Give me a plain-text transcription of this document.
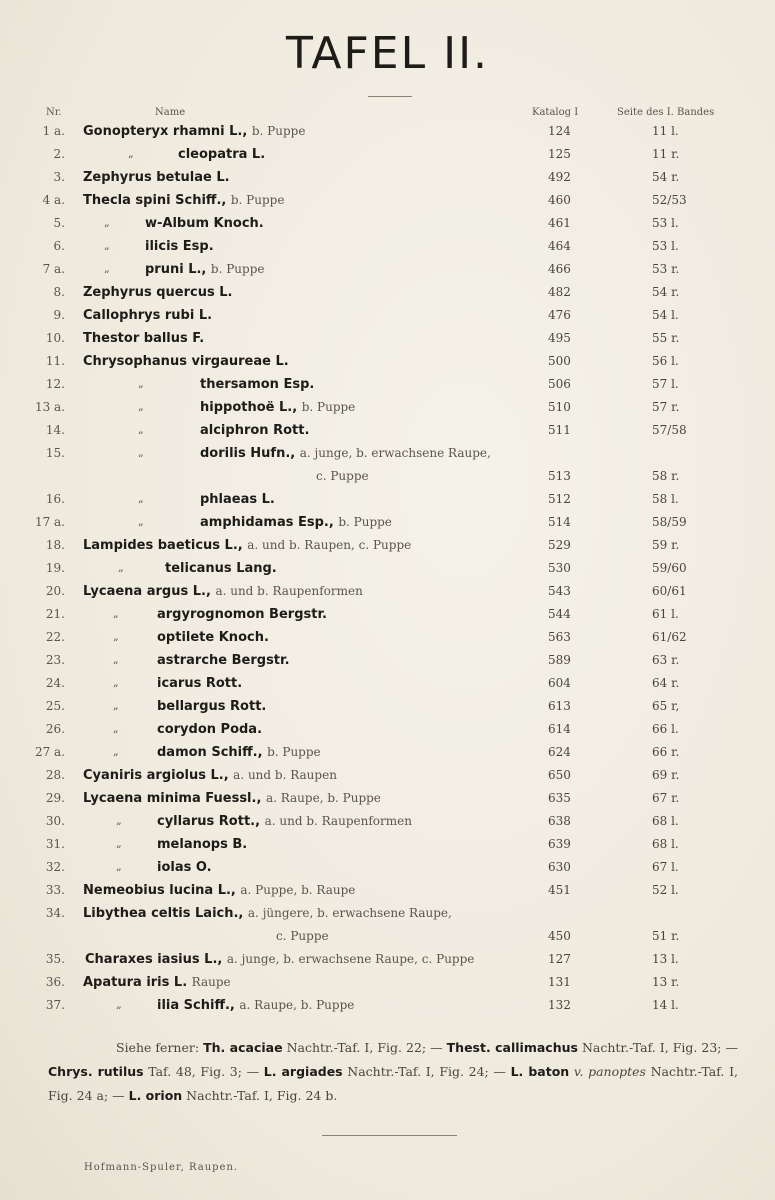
TAFEL II.
Nr.	Name	Katalog I	Seite des I. Bandes
1 a. Gonopteryx rhamni L., b. Puppe	124	11 l.
2.	„	cleopatra L.	125	11 r.
3. Zephyrus betulae L.	492	54 r.
4 a. Thecla spini Schiff., b. Puppe	460	52/53
5.	„	w-Album Knoch.	461	53 l.
6.	„	ilicis Esp.	464	53 l.
7 a.	„	pruni L., b. Puppe	466	53 r.
8. Zephyrus quercus L.	482	54 r.
9. Callophrys rubi L.	476	54 l.
10. Thestor ballus F.	495	55 r.
11. Chrysophanus virgaureae L.	500	56 l.
12.	„	thersamon Esp.	506	57 l.
13 a.	„	hippothoë L., b. Puppe	510	57 r.
14.	„	alciphron Rott.	511	57/58
15.	„	dorilis Hufn., a. junge, b. erwachsene Raupe,
c. Puppe	513	58 r.
16.	„	phlaeas L.	512	58 l.
17 a.	„	amphidamas Esp., b. Puppe	514	58/59
18. Lampides baeticus L., a. und b. Raupen, c. Puppe	529	59 r.
19.	„	telicanus Lang.	530	59/60
20. Lycaena argus L., a. und b. Raupenformen	543	60/61
21.	„	argyrognomon Bergstr.	544	61 l.
22.	„	optilete Knoch.	563	61/62
23.	„	astrarche Bergstr.	589	63 r.
24.	„	icarus Rott.	604	64 r.
25.	„	bellargus Rott.	613	65 r,
26.	„	corydon Poda.	614	66 l.
27 a.	„	damon Schiff., b. Puppe	624	66 r.
28. Cyaniris argiolus L., a. und b. Raupen	650	69 r.
29. Lycaena minima Fuessl., a. Raupe, b. Puppe	635	67 r.
30.	„	cyllarus Rott., a. und b. Raupenformen	638	68 l.
31.	„	melanops B.	639	68 l.
32.	„	iolas O.	630	67 l.
33. Nemeobius lucina L., a. Puppe, b. Raupe	451	52 l.
34. Libythea celtis Laich., a. jüngere, b. erwachsene Raupe,
c. Puppe	450	51 r.
35. Charaxes iasius L., a. junge, b. erwachsene Raupe, c. Puppe	127	13 l.
36. Apatura iris L. Raupe	131	13 r.
37.	„	ilia Schiff., a. Raupe, b. Puppe	132	14 l.
Siehe ferner: Th. acaciae Nachtr.-Taf. I, Fig. 22; — Thest. callimachus Nachtr.-Taf. I, Fig. 23; — Chrys. rutilus Taf. 48, Fig. 3; — L. argiades Nachtr.-Taf. I, Fig. 24; — L. baton v. panoptes Nachtr.-Taf. I, Fig. 24 a; — L. orion Nachtr.-Taf. I, Fig. 24 b.
Hofmann-Spuler, Raupen.
